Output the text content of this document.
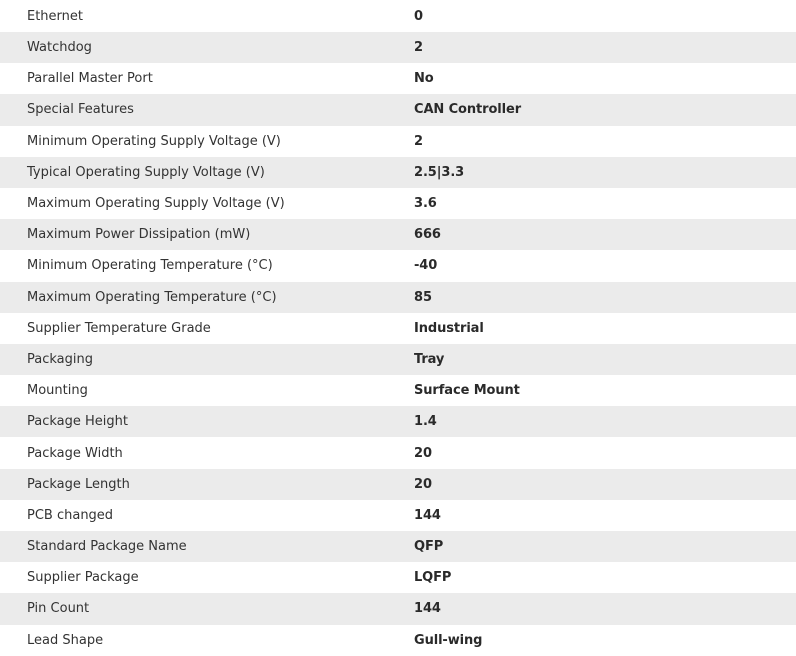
Ethernet	0
Watchdog	2
Parallel Master Port	No
Special Features	CAN Controller
Minimum Operating Supply Voltage (V)	2
Typical Operating Supply Voltage (V)	2.5|3.3
Maximum Operating Supply Voltage (V)	3.6
Maximum Power Dissipation (mW)	666
Minimum Operating Temperature (°C)	-40
Maximum Operating Temperature (°C)	85
Supplier Temperature Grade	Industrial
Packaging	Tray
Mounting	Surface Mount
Package Height	1.4
Package Width	20
Package Length	20
PCB changed	144
Standard Package Name	QFP
Supplier Package	LQFP
Pin Count	144
Lead Shape	Gull-wing
